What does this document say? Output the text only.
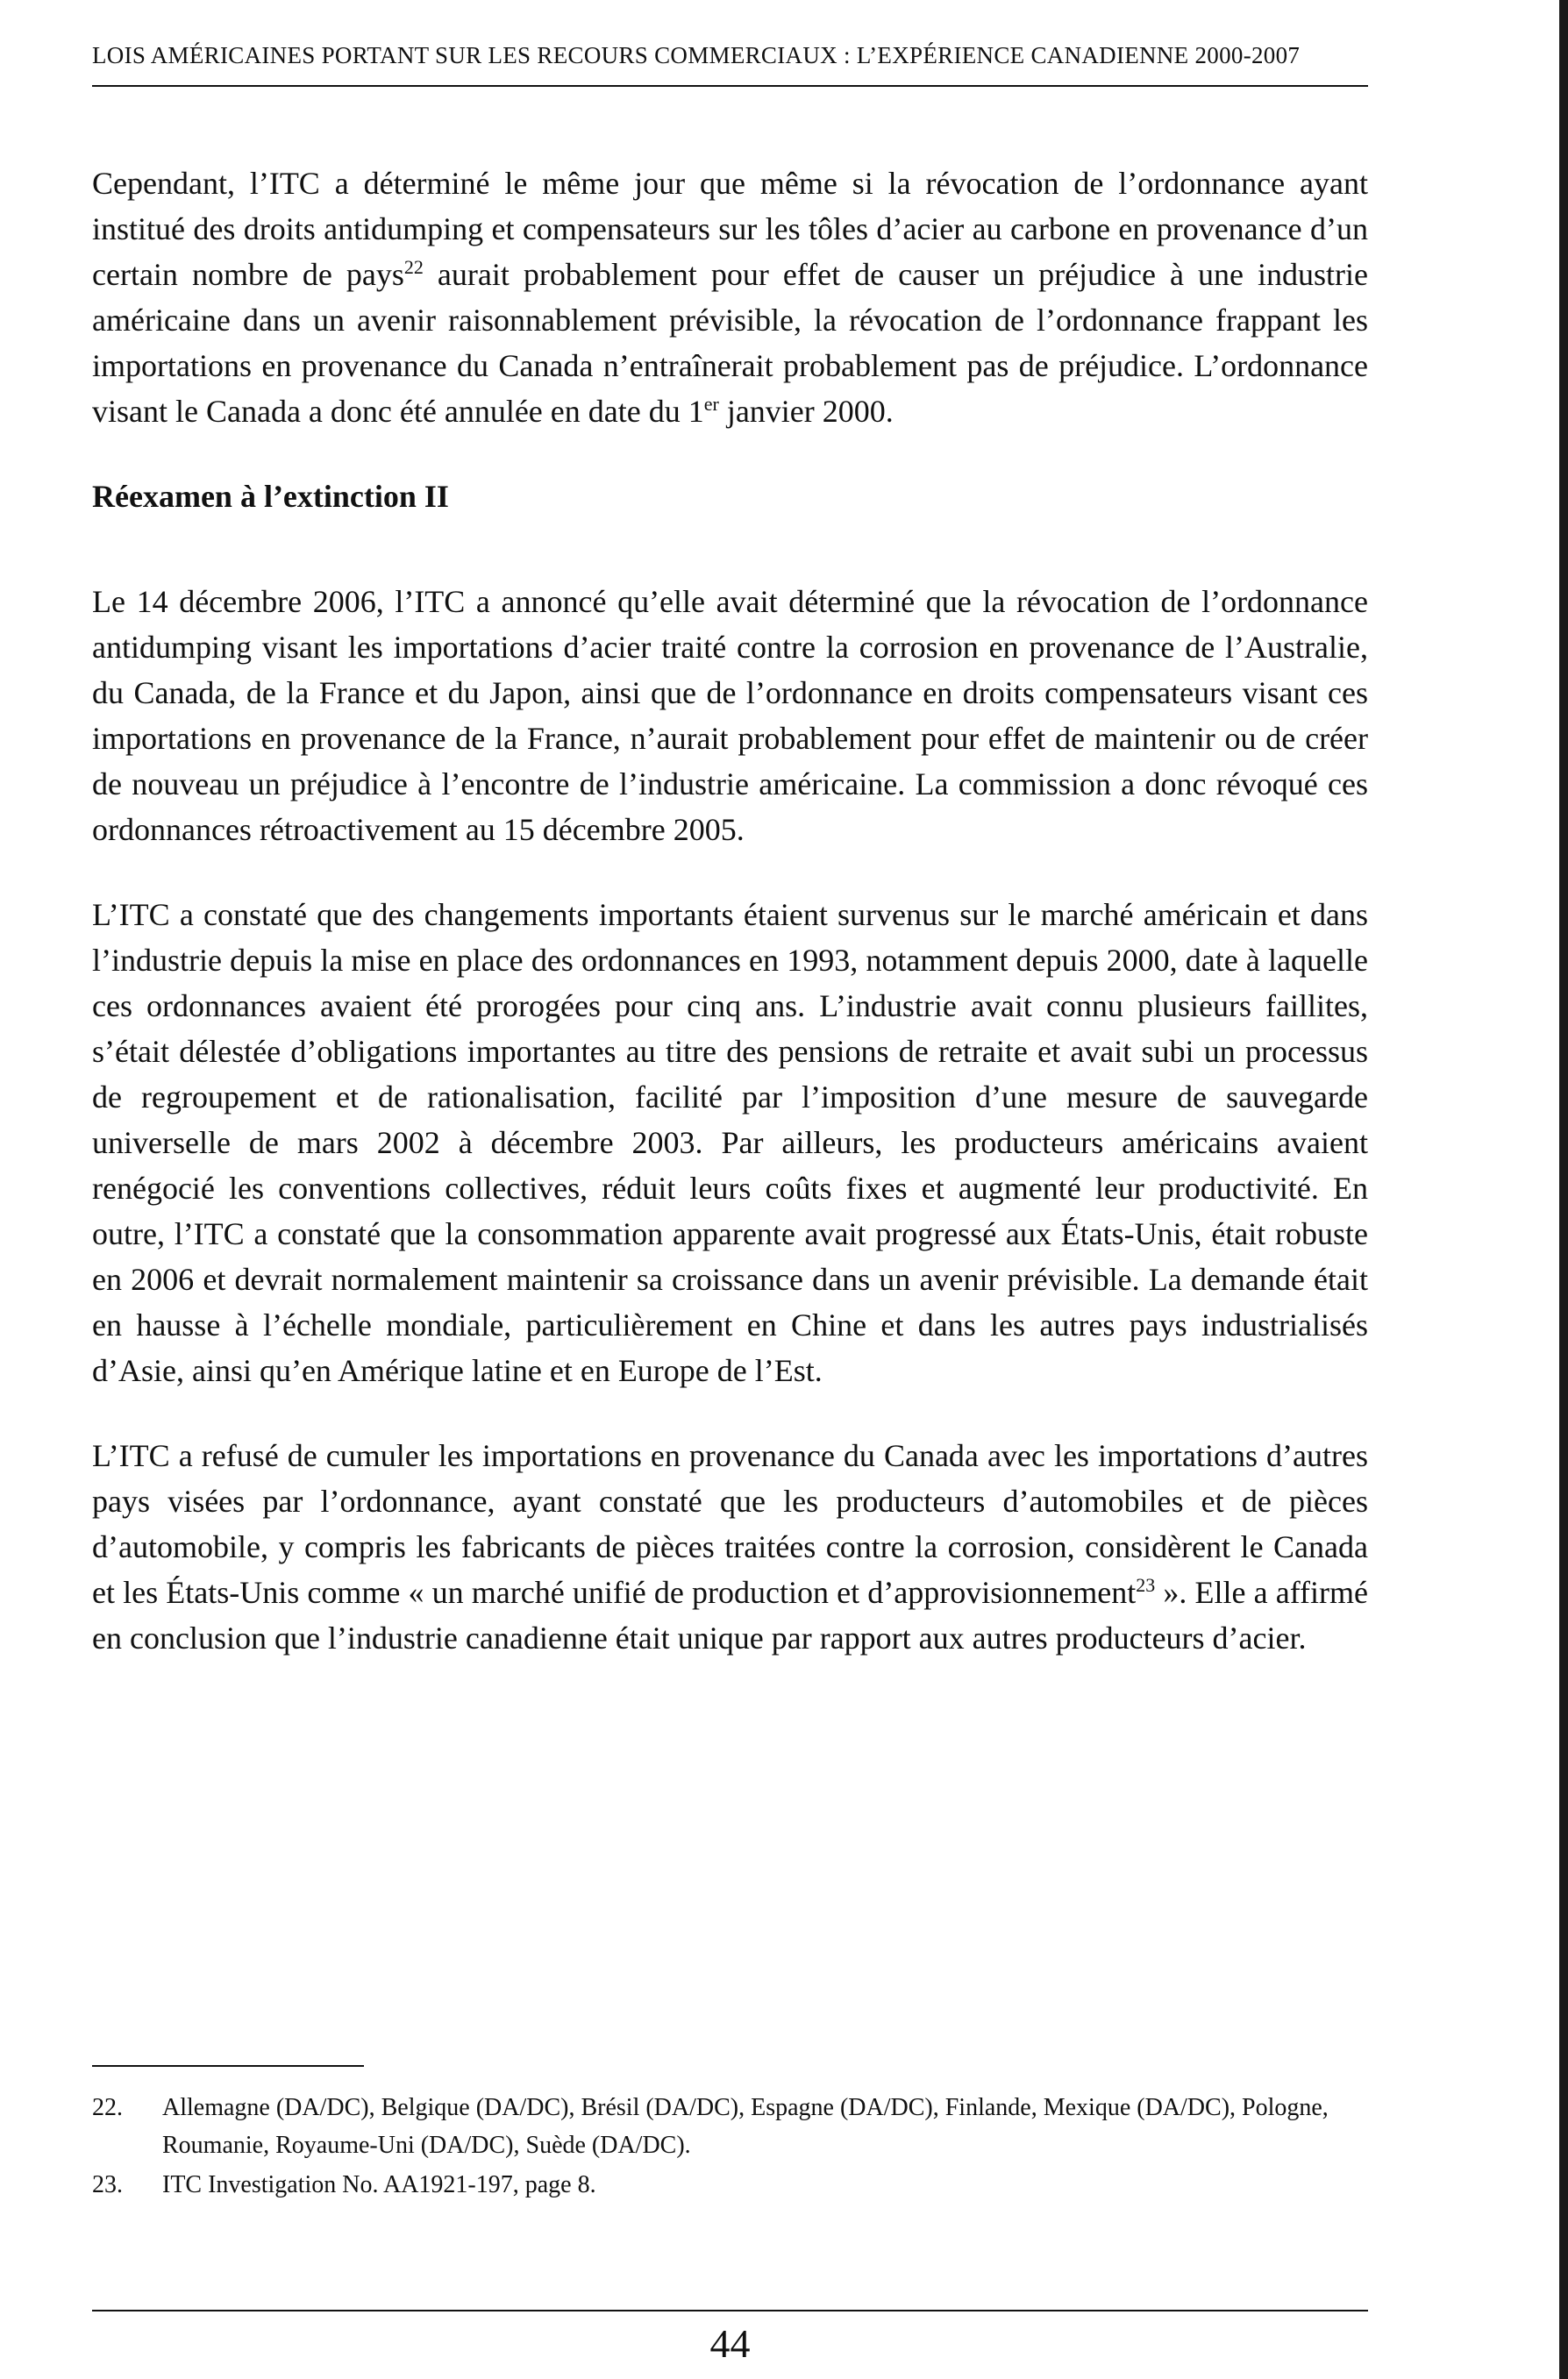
LOIS AMÉRICAINES PORTANT SUR LES RECOURS COMMERCIAUX : L’EXPÉRIENCE CANADIENNE 2000-2007

Cependant, l’ITC a déterminé le même jour que même si la révocation de l’ordonnance ayant institué des droits antidumping et compensateurs sur les tôles d’acier au carbone en provenance d’un certain nombre de pays$^{22}$ aurait probablement pour effet de causer un préjudice à une industrie américaine dans un avenir raisonnablement prévisible, la révocation de l’ordonnance frappant les importations en provenance du Canada n’entraînerait probablement pas de préjudice. L’ordonnance visant le Canada a donc été annulée en date du 1er janvier 2000.

Réexamen à l’extinction II

Le 14 décembre 2006, l’ITC a annoncé qu’elle avait déterminé que la révocation de l’ordonnance antidumping visant les importations d’acier traité contre la corrosion en provenance de l’Australie, du Canada, de la France et du Japon, ainsi que de l’ordonnance en droits compensateurs visant ces importations en provenance de la France, n’aurait probablement pour effet de maintenir ou de créer de nouveau un préjudice à l’encontre de l’industrie américaine. La commission a donc révoqué ces ordonnances rétroactivement au 15 décembre 2005.

L’ITC a constaté que des changements importants étaient survenus sur le marché américain et dans l’industrie depuis la mise en place des ordonnances en 1993, notamment depuis 2000, date à laquelle ces ordonnances avaient été prorogées pour cinq ans. L’industrie avait connu plusieurs faillites, s’était délestée d’obligations importantes au titre des pensions de retraite et avait subi un processus de regroupement et de rationalisation, facilité par l’imposition d’une mesure de sauvegarde universelle de mars 2002 à décembre 2003. Par ailleurs, les producteurs américains avaient renégocié les conventions collectives, réduit leurs coûts fixes et augmenté leur productivité. En outre, l’ITC a constaté que la consommation apparente avait progressé aux États-Unis, était robuste en 2006 et devrait normalement maintenir sa croissance dans un avenir prévisible. La demande était en hausse à l’échelle mondiale, particulièrement en Chine et dans les autres pays industrialisés d’Asie, ainsi qu’en Amérique latine et en Europe de l’Est.

L’ITC a refusé de cumuler les importations en provenance du Canada avec les importations d’autres pays visées par l’ordonnance, ayant constaté que les producteurs d’automobiles et de pièces d’automobile, y compris les fabricants de pièces traitées contre la corrosion, considèrent le Canada et les États-Unis comme « un marché unifié de production et d’approvisionnement$^{23}$ ». Elle a affirmé en conclusion que l’industrie canadienne était unique par rapport aux autres producteurs d’acier.

22.	Allemagne (DA/DC), Belgique (DA/DC), Brésil (DA/DC), Espagne (DA/DC), Finlande, Mexique (DA/DC), Pologne, Roumanie, Royaume-Uni (DA/DC), Suède (DA/DC).
23.	ITC Investigation No. AA1921-197, page 8.
44
